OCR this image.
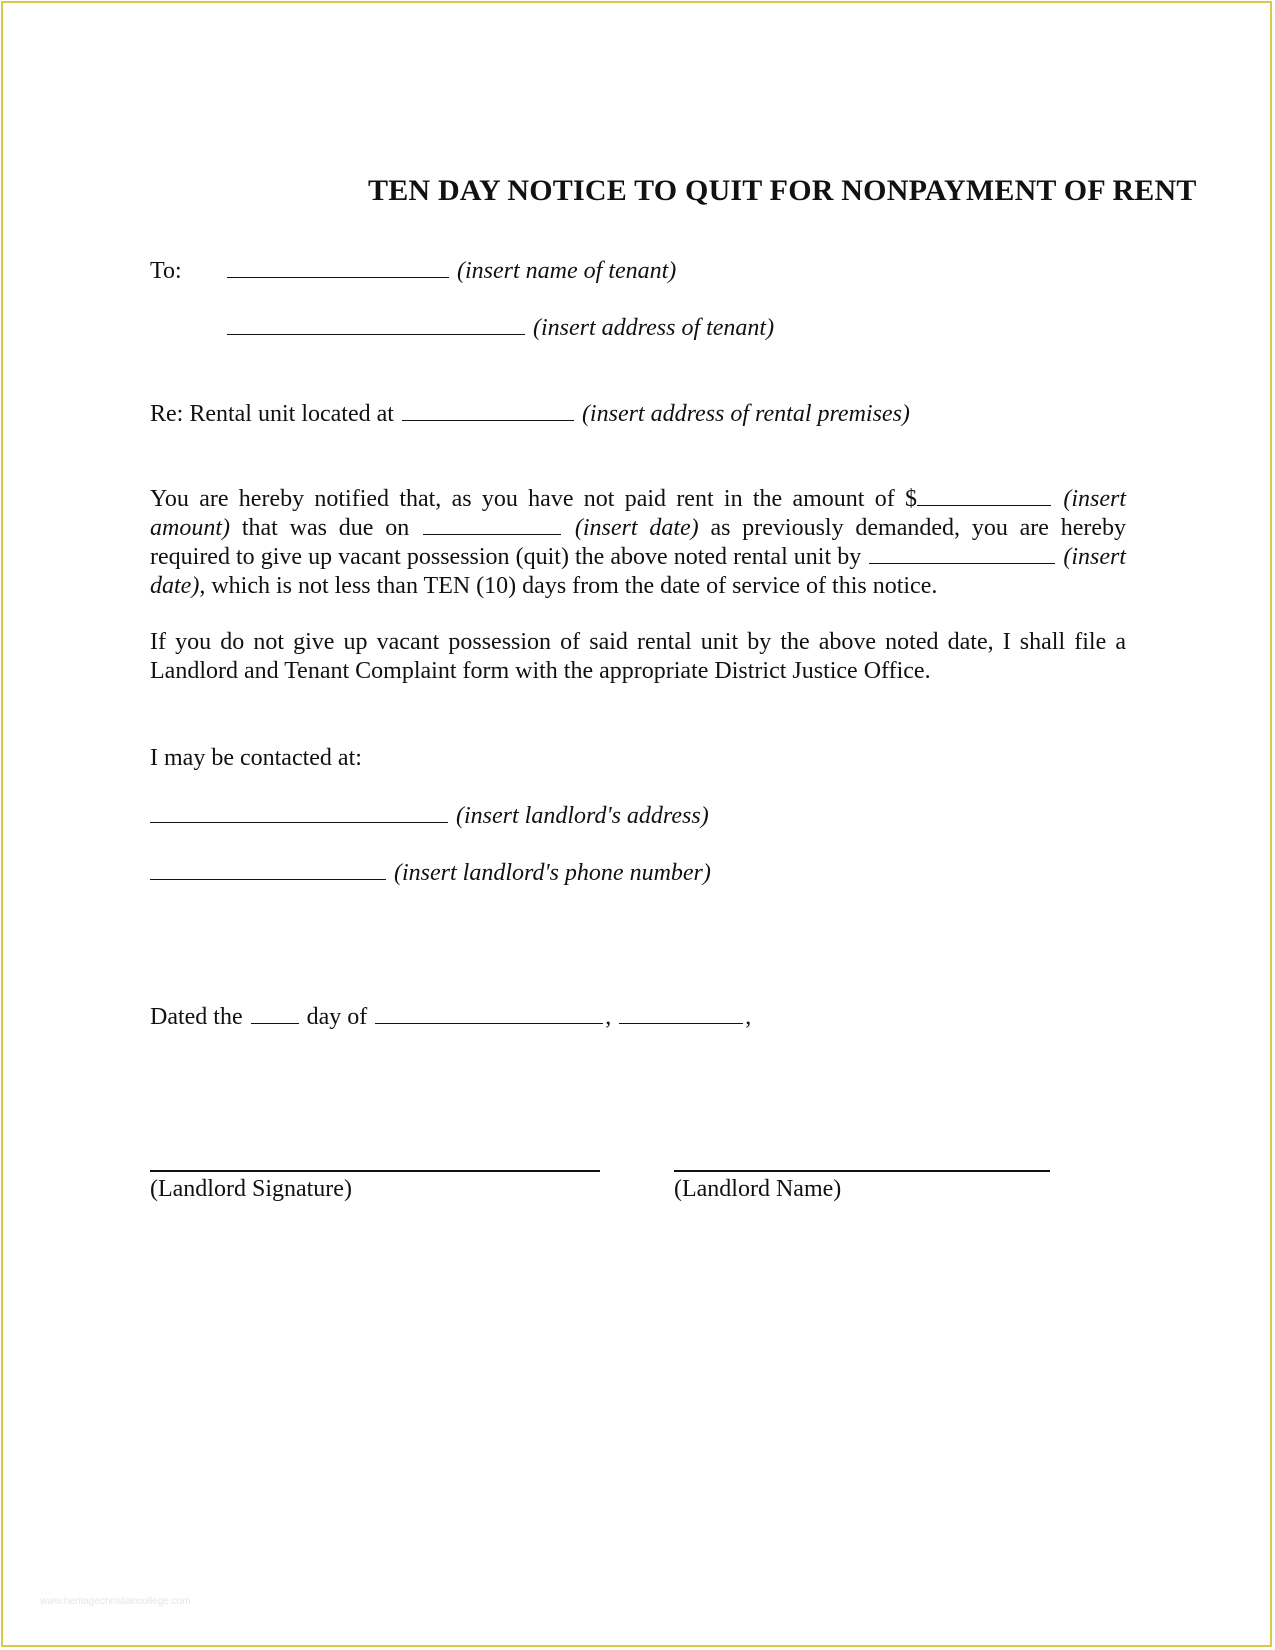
TEN DAY NOTICE TO QUIT FOR NONPAYMENT OF RENT
To:	(insert name of tenant)
(insert address of tenant)
Re: Rental unit located at	(insert address of rental premises)
You are hereby notified that, as you have not paid rent in the amount of $	(insert amount) that was due on	(insert date) as previously demanded, you are hereby required to give up vacant possession (quit) the above noted rental unit by	(insert date), which is not less than TEN (10) days from the date of service of this notice.
If you do not give up vacant possession of said rental unit by the above noted date, I shall file a Landlord and Tenant Complaint form with the appropriate District Justice Office.
I may be contacted at:
(insert landlord's address)
(insert landlord's phone number)
Dated the	day of	,	,
(Landlord Signature)	(Landlord Name)
www.heritagechristiancollege.com
